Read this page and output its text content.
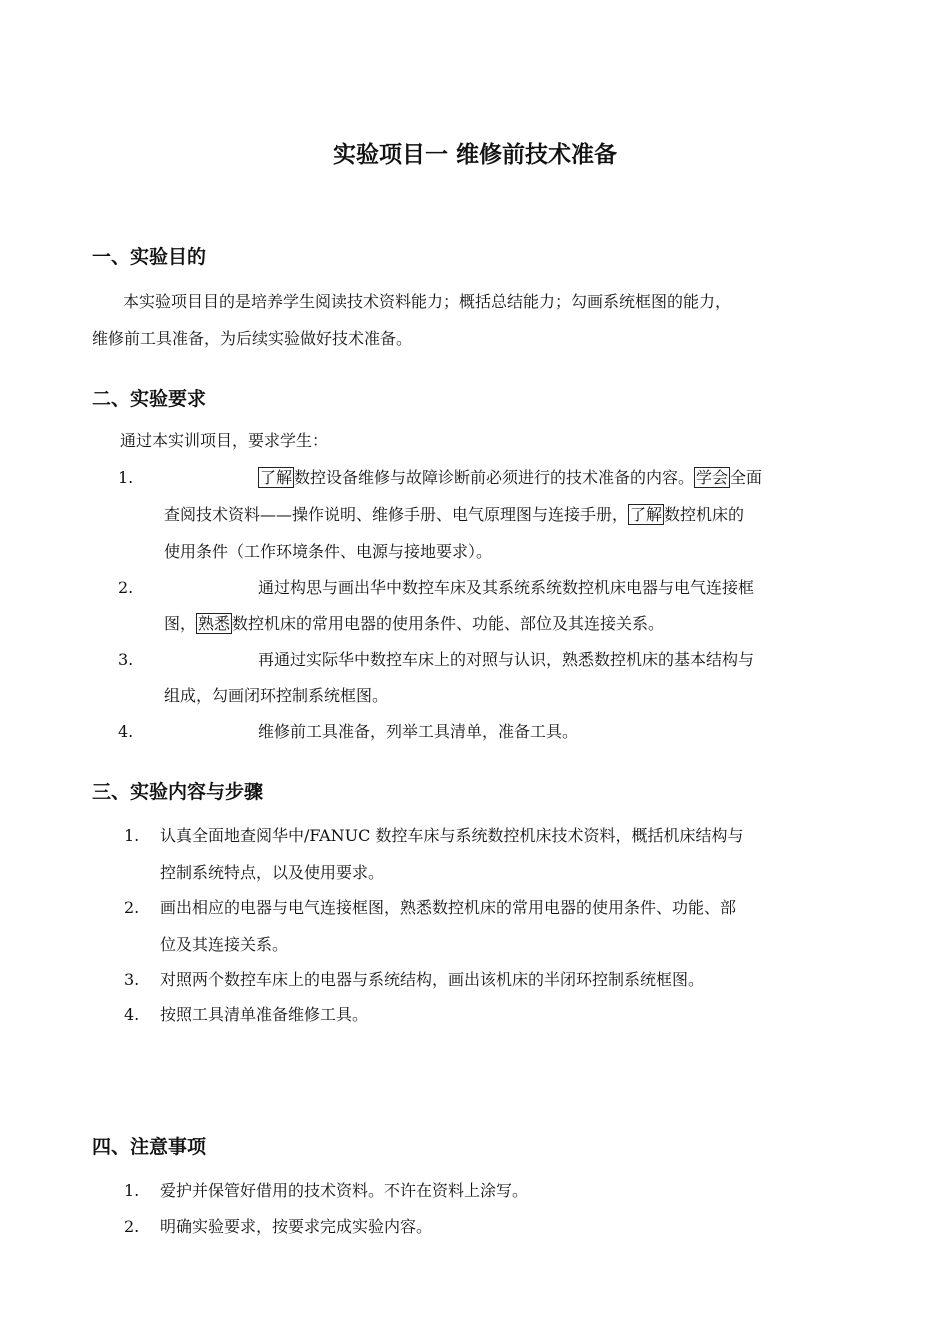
实验项目一 维修前技术准备
一、实验目的
本实验项目目的是培养学生阅读技术资料能力；概括总结能力；勾画系统框图的能力，
维修前工具准备，为后续实验做好技术准备。
二、实验要求
通过本实训项目，要求学生：
1.	了解 数控设备维修与故障诊断前必须进行的技术准备的内容。 学会 全面
查阅技术资料——操作说明、维修手册、电气原理图与连接手册， 了解 数控机床的
使用条件（工作环境条件、电源与接地要求）。
2.	通过构思与画出华中数控车床及其系统系统数控机床电器与电气连接框
图， 熟悉 数控机床的常用电器的使用条件、功能、部位及其连接关系。
3.	再通过实际华中数控车床上的对照与认识，熟悉数控机床的基本结构与
组成，勾画闭环控制系统框图。
4.	维修前工具准备，列举工具清单，准备工具。
三、实验内容与步骤
1. 认真全面地查阅华中/FANUC 数控车床与系统数控机床技术资料，概括机床结构与
控制系统特点，以及使用要求。
2. 画出相应的电器与电气连接框图，熟悉数控机床的常用电器的使用条件、功能、部
位及其连接关系。
3. 对照两个数控车床上的电器与系统结构，画出该机床的半闭环控制系统框图。
4. 按照工具清单准备维修工具。
四、注意事项
1. 爱护并保管好借用的技术资料。不许在资料上涂写。
2. 明确实验要求，按要求完成实验内容。
